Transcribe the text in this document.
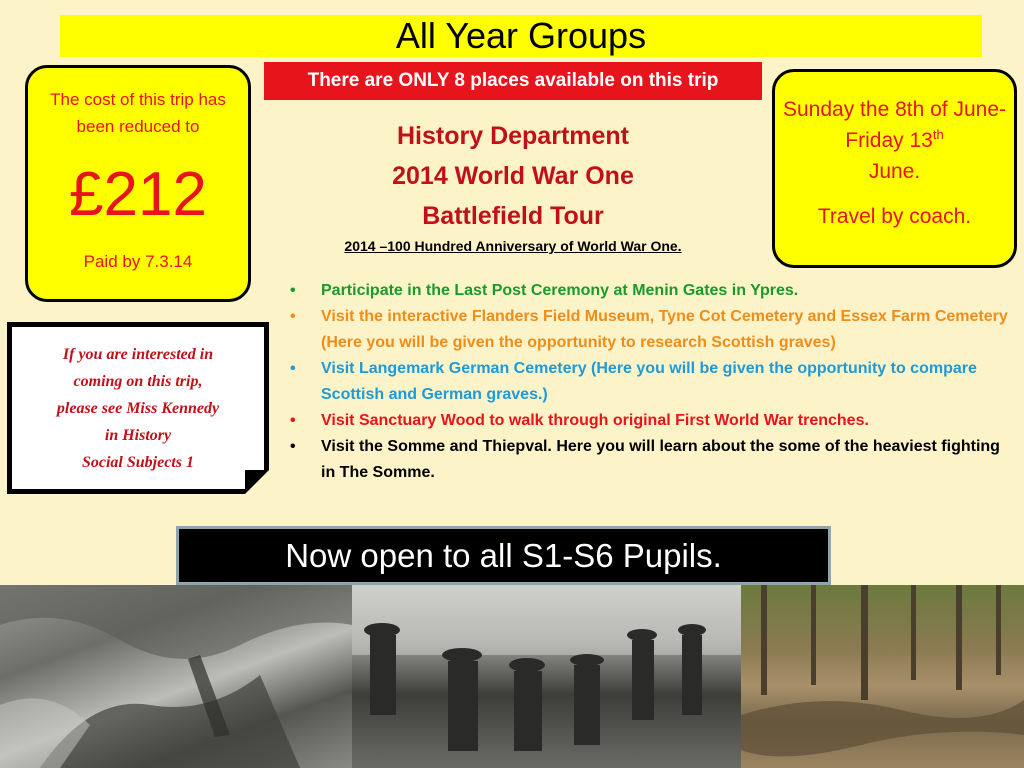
All Year Groups
There are ONLY 8 places available on this trip
The cost of this trip has been reduced to
£212
Paid by 7.3.14
Sunday the 8th of June-Friday 13th
June.
Travel by coach.
History Department
2014 World War One
Battlefield Tour
2014 –100 Hundred Anniversary of World War One.
If you are interested in
coming on this trip,
please see Miss Kennedy
in History
Social Subjects 1
• Participate in the Last Post Ceremony at Menin Gates in Ypres.
• Visit the interactive Flanders Field Museum, Tyne Cot Cemetery and Essex Farm Cemetery (Here you will be given the opportunity to research Scottish graves)
• Visit Langemark German Cemetery (Here you will be given the opportunity to compare Scottish and German graves.)
• Visit Sanctuary Wood to walk through original First World War trenches.
• Visit the Somme and Thiepval. Here you will learn about the some of the heaviest fighting in The Somme.
Now open to all S1-S6 Pupils.
